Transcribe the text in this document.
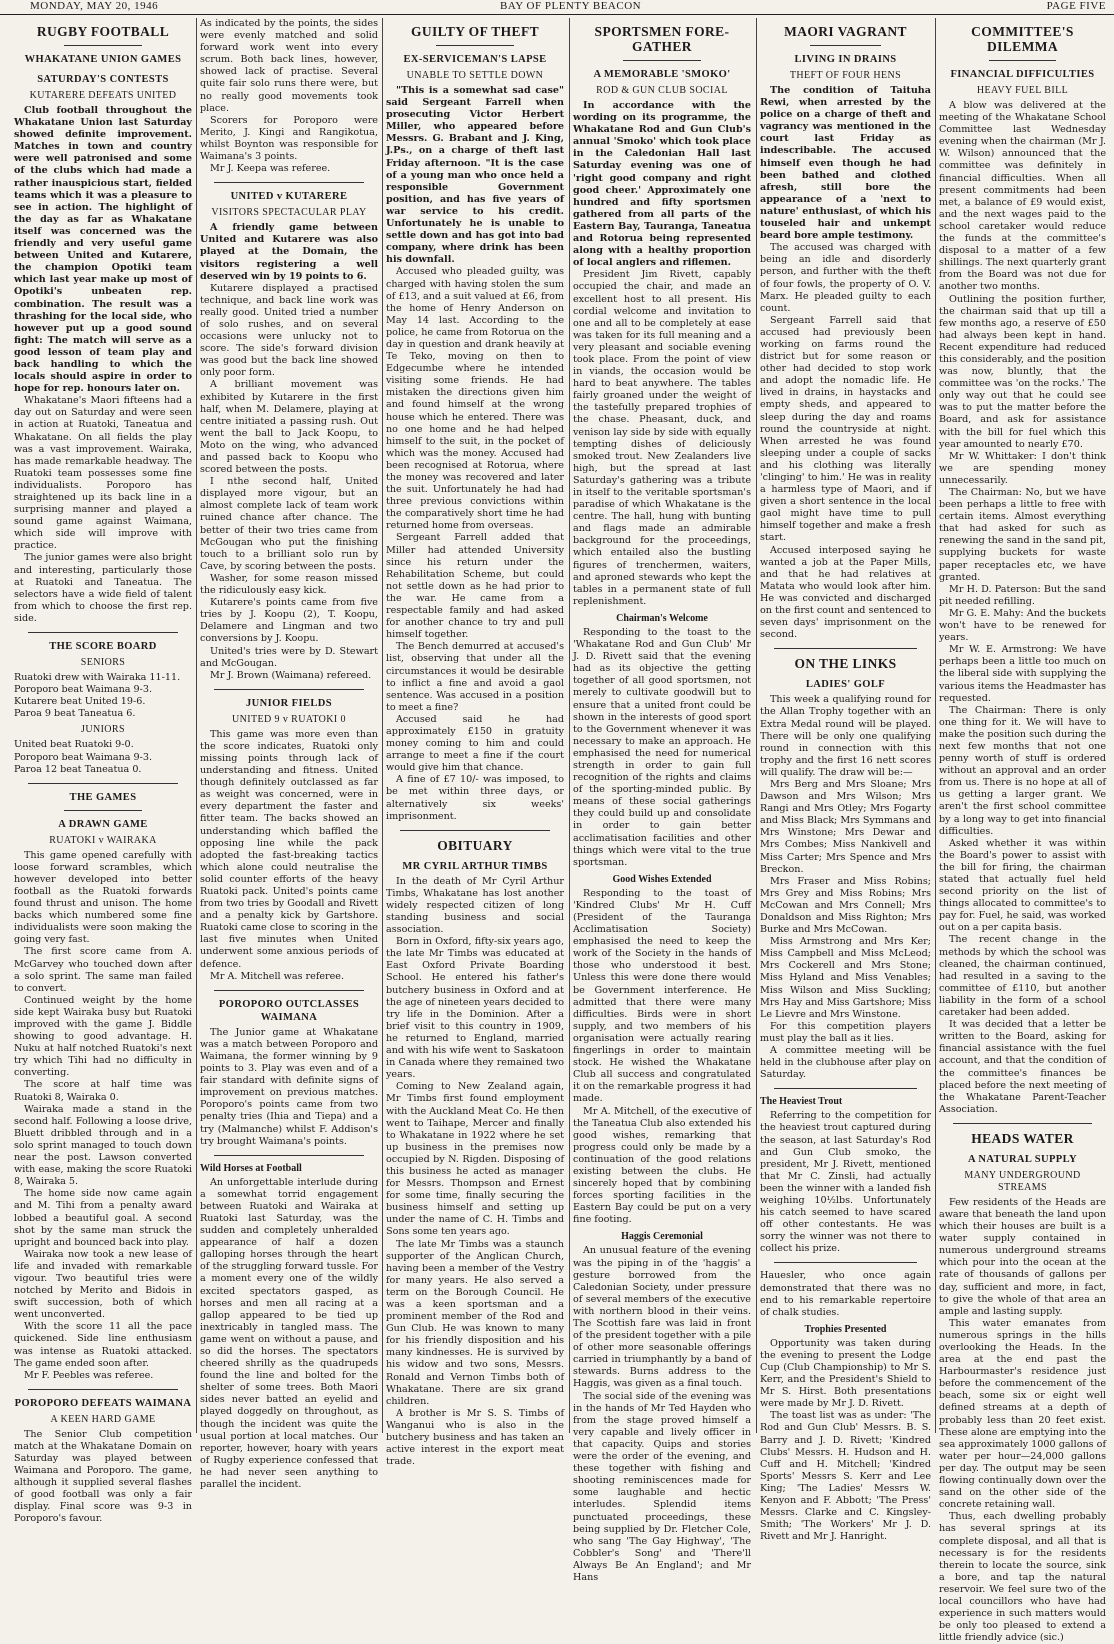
MONDAY, MAY 20, 1946	BAY OF PLENTY BEACON	PAGE FIVE
RUGBY FOOTBALL
WHAKATANE UNION GAMES
SATURDAY'S CONTESTS
KUTARERE DEFEATS UNITED

Club football throughout the Whakatane Union last Saturday showed definite improvement. Matches in town and country were well patronised and some of the clubs which had made a rather inauspicious start, fielded teams which it was a pleasure to see in action. The highlight of the day as far as Whakatane itself was concerned was the friendly and very useful game between United and Kutarere, the champion Opotiki team which last year make up most of Opotiki's unbeaten rep. combination. The result was a thrashing for the local side, who however put up a good sound fight: The match will serve as a good lesson of team play and back handling to which the locals should aspire in order to hope for rep. honours later on.

Whakatane's Maori fifteens had a day out on Saturday and were seen in action at Ruatoki, Taneatua and Whakatane. On all fields the play was a vast improvement. Wairaka, has made remarkable headway. The Ruatoki team possesses some fine individualists. Poroporo has straightened up its back line in a surprising manner and played a sound game against Waimana, which side will improve with practice.

The junior games were also bright and interesting, particularly those at Ruatoki and Taneatua. The selectors have a wide field of talent from which to choose the first rep. side.

THE SCORE BOARD
SENIORS

Ruatoki drew with Wairaka 11-11.

Poroporo beat Waimana 9-3.

Kutarere beat United 19-6.

Paroa 9 beat Taneatua 6.

JUNIORS

United beat Ruatoki 9-0.

Poroporo beat Waimana 9-3.

Paroa 12 beat Taneatua 0.

THE GAMES
A DRAWN GAME
RUATOKI v WAIRAKA

This game opened carefully with loose forward scrambles, which however developed into better football as the Ruatoki forwards found thrust and unison. The home backs which numbered some fine individualists were soon making the going very fast.

The first score came from A. McGarvey who touched down after a solo sprint. The same man failed to convert.

Continued weight by the home side kept Wairaka busy but Ruatoki improved with the game J. Biddle showing to good advantage. H. Nuku at half notched Ruatoki's next try which Tihi had no difficulty in converting.

The score at half time was Ruatoki 8, Wairaka 0.

Wairaka made a stand in the second half. Following a loose drive, Bluett dribbled through and in a solo sprint managed to touch down near the post. Lawson converted with ease, making the score Ruatoki 8, Wairaka 5.

The home side now came again and M. Tihi from a penalty award lobbed a beautiful goal. A second shot by the same man struck the upright and bounced back into play.

Wairaka now took a new lease of life and invaded with remarkable vigour. Two beautiful tries were notched by Merito and Bidois in swift succession, both of which went unconverted.

With the score 11 all the pace quickened. Side line enthusiasm was intense as Ruatoki attacked. The game ended soon after.

Mr F. Peebles was referee.

POROPORO DEFEATS WAIMANA
A KEEN HARD GAME

The Senior Club competition match at the Whakatane Domain on Saturday was played between Waimana and Poroporo. The game, although it supplied several flashes of good football was only a fair display. Final score was 9-3 in Poroporo's favour.

As indicated by the points, the sides were evenly matched and solid forward work went into every scrum. Both back lines, however, showed lack of practise. Several quite fair solo runs there were, but no really good movements took place.

Scorers for Poroporo were Merito, J. Kingi and Rangikotua, whilst Boynton was responsible for Waimana's 3 points.

Mr J. Keepa was referee.

UNITED v KUTARERE
VISITORS SPECTACULAR PLAY

A friendly game between United and Kutarere was also played at the Domain, the visitors registering a well deserved win by 19 points to 6.

Kutarere displayed a practised technique, and back line work was really good. United tried a number of solo rushes, and on several occasions were unlucky not to score. The side's forward division was good but the back line showed only poor form.

A brilliant movement was exhibited by Kutarere in the first half, when M. Delamere, playing at centre initiated a passing rush. Out went the ball to Jack Koopu, to Moto on the wing, who advanced and passed back to Koopu who scored between the posts.

I nthe second half, United displayed more vigour, but an almost complete lack of team work ruined chance after chance. The better of their two tries came from McGougan who put the finishing touch to a brilliant solo run by Cave, by scoring between the posts.

Washer, for some reason missed the ridiculously easy kick.

Kutarere's points came from five tries by J. Koopu (2), T. Koopu, Delamere and Lingman and two conversions by J. Koopu.

United's tries were by D. Stewart and McGougan.

Mr J. Brown (Waimana) refereed.

JUNIOR FIELDS
UNITED 9 v RUATOKI 0

This game was more even than the score indicates, Ruatoki only missing points through lack of understanding and fitness. United though definitely outclassed as far as weight was concerned, were in every department the faster and fitter team. The backs showed an understanding which baffled the opposing line while the pack adopted the fast-breaking tactics which alone could neutralise the solid counter efforts of the heavy Ruatoki pack. United's points came from two tries by Goodall and Rivett and a penalty kick by Gartshore. Ruatoki came close to scoring in the last five minutes when United underwent some anxious periods of defence.

Mr A. Mitchell was referee.

POROPORO OUTCLASSES WAIMANA

The Junior game at Whakatane was a match between Poroporo and Waimana, the former winning by 9 points to 3. Play was even and of a fair standard with definite signs of improvement on previous matches. Poroporo's points came from two penalty tries (Ihia and Tiepa) and a try (Malmanche) whilst F. Addison's try brought Waimana's points.

Wild Horses at Football

An unforgettable interlude during a somewhat torrid engagement between Ruatoki and Wairaka at Ruatoki last Saturday, was the sudden and completely unheralded appearance of half a dozen galloping horses through the heart of the struggling forward tussle. For a moment every one of the wildly excited spectators gasped, as horses and men all racing at a gallop appeared to be tied up inextricably in tangled mass. The game went on without a pause, and so did the horses. The spectators cheered shrilly as the quadrupeds found the line and bolted for the shelter of some trees. Both Maori sides never batted an eyelid and played doggedly on throughout, as though the incident was quite the usual portion at local matches. Our reporter, however, hoary with years of Rugby experience confessed that he had never seen anything to parallel the incident.

GUILTY OF THEFT
EX-SERVICEMAN'S LAPSE
UNABLE TO SETTLE DOWN

"This is a somewhat sad case" said Sergeant Farrell when prosecuting Victor Herbert Miller, who appeared before Messrs. G. Brabant and J. King, J.Ps., on a charge of theft last Friday afternoon. "It is the case of a young man who once held a responsible Government position, and has five years of war service to his credit. Unfortunately he is unable to settle down and has got into bad company, where drink has been his downfall.

Accused who pleaded guilty, was charged with having stolen the sum of £13, and a suit valued at £6, from the home of Henry Anderson on May 14 last. According to the police, he came from Rotorua on the day in question and drank heavily at Te Teko, moving on then to Edgecumbe where he intended visiting some friends. He had mistaken the directions given him and found himself at the wrong house which he entered. There was no one home and he had helped himself to the suit, in the pocket of which was the money. Accused had been recognised at Rotorua, where the money was recovered and later the suit. Unfortunately he had had three previous convictions within the comparatively short time he had returned home from overseas.

Sergeant Farrell added that Miller had attended University since his return under the Rehabilitation Scheme, but could not settle down as he had prior to the war. He came from a respectable family and had asked for another chance to try and pull himself together.

The Bench demurred at accused's list, observing that under all the circumstances it would be desirable to inflict a fine and avoid a gaol sentence. Was accused in a position to meet a fine?

Accused said he had approximately £150 in gratuity money coming to him and could arrange to meet a fine if the court would give him that chance.

A fine of £7 10/- was imposed, to be met within three days, or alternatively six weeks' imprisonment.

OBITUARY
MR CYRIL ARTHUR TIMBS

In the death of Mr Cyril Arthur Timbs, Whakatane has lost another widely respected citizen of long standing business and social association.

Born in Oxford, fifty-six years ago, the late Mr Timbs was educated at East Oxford Private Boarding School. He entered his father's butchery business in Oxford and at the age of nineteen years decided to try life in the Dominion. After a brief visit to this country in 1909, he returned to England, married and with his wife went to Saskatoon in Canada where they remained two years.

Coming to New Zealand again, Mr Timbs first found employment with the Auckland Meat Co. He then went to Taihape, Mercer and finally to Whakatane in 1922 where he set up business in the premises now occupied by N. Rigden. Disposing of this business he acted as manager for Messrs. Thompson and Ernest for some time, finally securing the business himself and setting up under the name of C. H. Timbs and Sons some ten years ago.

The late Mr Timbs was a staunch supporter of the Anglican Church, having been a member of the Vestry for many years. He also served a term on the Borough Council. He was a keen sportsman and a prominent member of the Rod and Gun Club. He was known to many for his friendly disposition and his many kindnesses. He is survived by his widow and two sons, Messrs. Ronald and Vernon Timbs both of Whakatane. There are six grand children.

A brother is Mr S. S. Timbs of Wanganui who is also in the butchery business and has taken an active interest in the export meat trade.

SPORTSMEN FORE-GATHER
A MEMORABLE 'SMOKO'
ROD & GUN CLUB SOCIAL

In accordance with the wording on its programme, the Whakatane Rod and Gun Club's annual 'Smoko' which took place in the Caledonian Hall last Saturday evening was one of 'right good company and right good cheer.' Approximately one hundred and fifty sportsmen gathered from all parts of the Eastern Bay, Tauranga, Taneatua and Rotorua being represented along with a healthy proportion of local anglers and riflemen.

President Jim Rivett, capably occupied the chair, and made an excellent host to all present. His cordial welcome and invitation to one and all to be completely at ease was taken for its full meaning and a very pleasant and sociable evening took place. From the point of view in viands, the occasion would be hard to beat anywhere. The tables fairly groaned under the weight of the tastefully prepared trophies of the chase. Pheasant, duck, and venison lay side by side with equally tempting dishes of deliciously smoked trout. New Zealanders live high, but the spread at last Saturday's gathering was a tribute in itself to the veritable sportsman's paradise of which Whakatane is the centre. The hall, hung with bunting and flags made an admirable background for the proceedings, which entailed also the bustling figures of trenchermen, waiters, and aproned stewards who kept the tables in a permanent state of full replenishment.

Chairman's Welcome

Responding to the toast to the 'Whakatane Rod and Gun Club' Mr J. D. Rivett said that the evening had as its objective the getting together of all good sportsmen, not merely to cultivate goodwill but to ensure that a united front could be shown in the interests of good sport to the Government whenever it was necessary to make an approach. He emphasised the need for numerical strength in order to gain full recognition of the rights and claims of the sporting-minded public. By means of these social gatherings they could build up and consolidate in order to gain better acclimatisation facilities and other things which were vital to the true sportsman.

Good Wishes Extended

Responding to the toast of 'Kindred Clubs' Mr H. Cuff (President of the Tauranga Acclimatisation Society) emphasised the need to keep the work of the Society in the hands of those who understood it best. Unless this were done there would be Government interference. He admitted that there were many difficulties. Birds were in short supply, and two members of his organisation were actually rearing fingerlings in order to maintain stock. He wished the Whakatane Club all success and congratulated it on the remarkable progress it had made.

Mr A. Mitchell, of the executive of the Taneatua Club also extended his good wishes, remarking that progress could only be made by a continuation of the good relations existing between the clubs. He sincerely hoped that by combining forces sporting facilities in the Eastern Bay could be put on a very fine footing.

Haggis Ceremonial

An unusual feature of the evening was the piping in of the 'haggis' a gesture borrowed from the Caledonian Society, under pressure of several members of the executive with northern blood in their veins. The Scottish fare was laid in front of the president together with a pile of other more seasonable offerings carried in triumphantly by a band of stewards. Burns address to the Haggis, was given as a final touch.

The social side of the evening was in the hands of Mr Ted Hayden who from the stage proved himself a very capable and lively officer in that capacity. Quips and stories were the order of the evening, and these together with fishing and shooting reminiscences made for some laughable and hectic interludes. Splendid items punctuated proceedings, these being supplied by Dr. Fletcher Cole, who sang 'The Gay Highway', 'The Cobbler's Song' and 'There'll Always Be An England'; and Mr Hans

MAORI VAGRANT
LIVING IN DRAINS
THEFT OF FOUR HENS

The condition of Taituha Rewi, when arrested by the police on a charge of theft and vagrancy was mentioned in the court last Friday as indescribable. The accused himself even though he had been bathed and clothed afresh, still bore the appearance of a 'next to nature' enthusiast, of which his touseled hair and unkempt beard bore ample testimony.

The accused was charged with being an idle and disorderly person, and further with the theft of four fowls, the property of O. V. Marx. He pleaded guilty to each count.

Sergeant Farrell said that accused had previously been working on farms round the district but for some reason or other had decided to stop work and adopt the nomadic life. He lived in drains, in haystacks and empty sheds, and appeared to sleep during the day and roams round the countryside at night. When arrested he was found sleeping under a couple of sacks and his clothing was literally 'clinging' to him.' He was in reality a harmless type of Maori, and if given a short sentence in the local gaol might have time to pull himself together and make a fresh start.

Accused interposed saying he wanted a job at the Paper Mills, and that he had relatives at Matata who would look after him. He was convicted and discharged on the first count and sentenced to seven days' imprisonment on the second.

ON THE LINKS
LADIES' GOLF

This week a qualifying round for the Allan Trophy together with an Extra Medal round will be played. There will be only one qualifying round in connection with this trophy and the first 16 nett scores will qualify. The draw will be:—

Mrs Berg and Mrs Sloane; Mrs Dawson and Mrs Wilson; Mrs Rangi and Mrs Otley; Mrs Fogarty and Miss Black; Mrs Symmans and Mrs Winstone; Mrs Dewar and Mrs Combes; Miss Nankivell and Miss Carter; Mrs Spence and Mrs Breckon.

Mrs Fraser and Miss Robins; Mrs Grey and Miss Robins; Mrs McCowan and Mrs Connell; Mrs Donaldson and Miss Righton; Mrs Burke and Mrs McCowan.

Miss Armstrong and Mrs Ker; Miss Campbell and Miss McLeod; Mrs Cockerell and Mrs Stone; Miss Hyland and Miss Venables; Miss Wilson and Miss Suckling; Mrs Hay and Miss Gartshore; Miss Le Lievre and Mrs Winstone.

For this competition players must play the ball as it lies.

A committee meeting will be held in the clubhouse after play on Saturday.

The Heaviest Trout

Referring to the competition for the heaviest trout captured during the season, at last Saturday's Rod and Gun Club smoko, the president, Mr J. Rivett, mentioned that Mr C. Zinsli, had actually been the winner with a landed fish weighing 10½lbs. Unfortunately his catch seemed to have scared off other contestants. He was sorry the winner was not there to collect his prize.

Hauesler, who once again demonstrated that there was no end to his remarkable repertoire of chalk studies.

Trophies Presented

Opportunity was taken during the evening to present the Lodge Cup (Club Championship) to Mr S. Kerr, and the President's Shield to Mr S. Hirst. Both presentations were made by Mr J. D. Rivett.

The toast list was as under: 'The Rod and Gun Club' Messrs. B. S. Barry and J. D. Rivett; 'Kindred Clubs' Messrs. H. Hudson and H. Cuff and H. Mitchell; 'Kindred Sports' Messrs S. Kerr and Lee King; 'The Ladies' Messrs W. Kenyon and F. Abbott; 'The Press' Messrs. Clarke and C. Kingsley-Smith; 'The Workers' Mr J. D. Rivett and Mr J. Hanright.

COMMITTEE'S DILEMMA
FINANCIAL DIFFICULTIES
HEAVY FUEL BILL

A blow was delivered at the meeting of the Whakatane School Committee last Wednesday evening when the chairman (Mr J. W. Wilson) announced that the committee was definitely in financial difficulties. When all present commitments had been met, a balance of £9 would exist, and the next wages paid to the school caretaker would reduce the funds at the committee's disposal to a matter of a few shillings. The next quarterly grant from the Board was not due for another two months.

Outlining the position further, the chairman said that up till a few months ago, a reserve of £50 had always been kept in hand. Recent expenditure had reduced this considerably, and the position was now, bluntly, that the committee was 'on the rocks.' The only way out that he could see was to put the matter before the Board, and ask for assistance with the bill for fuel which this year amounted to nearly £70.

Mr W. Whittaker: I don't think we are spending money unnecessarily.

The Chairman: No, but we have been perhaps a little to free with certain items. Almost everything that had asked for such as renewing the sand in the sand pit, supplying buckets for waste paper receptacles etc, we have granted.

Mr H. D. Paterson: But the sand pit needed refilling.

Mr G. E. Mahy: And the buckets won't have to be renewed for years.

Mr W. E. Armstrong: We have perhaps been a little too much on the liberal side with supplying the various items the Headmaster has requested.

The Chairman: There is only one thing for it. We will have to make the position such during the next few months that not one penny worth of stuff is ordered without an approval and an order from us. There is no hope at all of us getting a larger grant. We aren't the first school committee by a long way to get into financial difficulties.

Asked whether it was within the Board's power to assist with the bill for firing, the chairman stated that actually fuel held second priority on the list of things allocated to committee's to pay for. Fuel, he said, was worked out on a per capita basis.

The recent change in the methods by which the school was cleaned, the chairman continued, had resulted in a saving to the committee of £110, but another liability in the form of a school caretaker had been added.

It was decided that a letter be written to the Board, asking for financial assistance with the fuel account, and that the condition of the committee's finances be placed before the next meeting of the Whakatane Parent-Teacher Association.

HEADS WATER
A NATURAL SUPPLY
MANY UNDERGROUND STREAMS

Few residents of the Heads are aware that beneath the land upon which their houses are built is a water supply contained in numerous underground streams which pour into the ocean at the rate of thousands of gallons per day, sufficient and more, in fact, to give the whole of that area an ample and lasting supply.

This water emanates from numerous springs in the hills overlooking the Heads. In the area at the end past the Harbourmaster's residence just before the commencement of the beach, some six or eight well defined streams at a depth of probably less than 20 feet exist. These alone are emptying into the sea approximately 1000 gallons of water per hour—24,000 gallons per day. The output may be seen flowing continually down over the sand on the other side of the concrete retaining wall.

Thus, each dwelling probably has several springs at its complete disposal, and all that is necessary is for the residents therein to locate the source, sink a bore, and tap the natural reservoir. We feel sure two of the local councillors who have had experience in such matters would be only too pleased to extend a little friendly advice (sic.)
